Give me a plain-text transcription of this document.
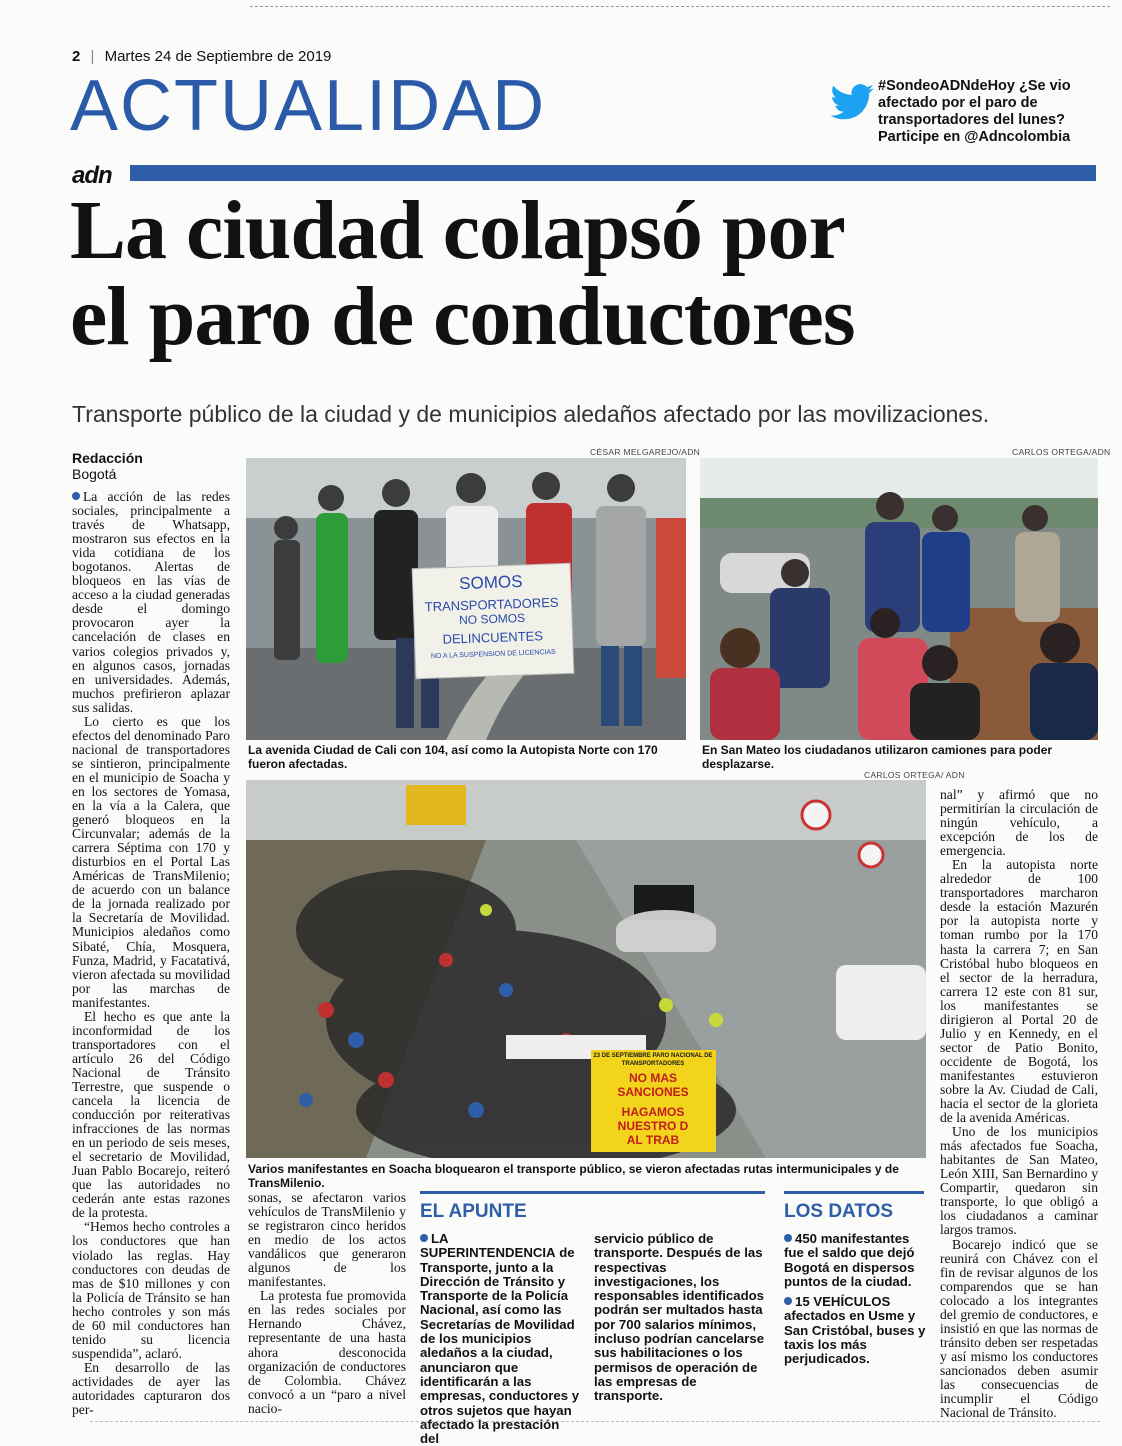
2 | Martes 24 de Septiembre de 2019
ACTUALIDAD	#SondeoADNdeHoy ¿Se vio afectado por el paro de transportadores del lunes? Participe en @Adncolombia
adn
La ciudad colapsó por
el paro de conductores
Transporte público de la ciudad y de municipios aledaños afectado por las movilizaciones.
Redacción
Bogotá

La acción de las redes sociales, principalmente a través de Whatsapp, mostraron sus efectos en la vida cotidiana de los bogotanos. Alertas de bloqueos en las vías de acceso a la ciudad generadas desde el domingo provocaron ayer la cancelación de clases en varios colegios privados y, en algunos casos, jornadas en universidades. Además, muchos prefirieron aplazar sus salidas.

Lo cierto es que los efectos del denominado Paro nacional de transportadores se sintieron, principalmente en el municipio de Soacha y en los sectores de Yomasa, en la vía a la Calera, que generó bloqueos en la Circunvalar; además de la carrera Séptima con 170 y disturbios en el Portal Las Américas de TransMilenio; de acuerdo con un balance de la jornada realizado por la Secretaría de Movilidad. Municipios aledaños como Sibaté, Chía, Mosquera, Funza, Madrid, y Facatativá, vieron afectada su movilidad por las marchas de manifestantes.

El hecho es que ante la inconformidad de los transportadores con el artículo 26 del Código Nacional de Tránsito Terrestre, que suspende o cancela la licencia de conducción por reiterativas infracciones de las normas en un periodo de seis meses, el secretario de Movilidad, Juan Pablo Bocarejo, reiteró que las autoridades no cederán ante estas razones de la protesta.

“Hemos hecho controles a los conductores que han violado las reglas. Hay conductores con deudas de mas de $10 millones y con la Policía de Tránsito se han hecho controles y son más de 60 mil conductores han tenido su licencia suspendida”, aclaró.

En desarrollo de las actividades de ayer las autoridades capturaron dos per-

sonas, se afectaron varios vehículos de TransMilenio y se registraron cinco heridos en medio de los actos vandálicos que generaron algunos de los manifestantes.

La protesta fue promovida en las redes sociales por Hernando Chávez, representante de una hasta ahora desconocida organización de conductores de Colombia. Chávez convocó a un “paro a nivel nacio-

nal” y afirmó que no permitirían la circulación de ningún vehículo, a excepción de los de emergencia.

En la autopista norte alrededor de 100 transportadores marcharon desde la estación Mazurén por la autopista norte y toman rumbo por la 170 hasta la carrera 7; en San Cristóbal hubo bloqueos en el sector de la herradura, carrera 12 este con 81 sur, los manifestantes se dirigieron al Portal 20 de Julio y en Kennedy, en el sector de Patio Bonito, occidente de Bogotá, los manifestantes estuvieron sobre la Av. Ciudad de Cali, hacia el sector de la glorieta de la avenida Américas.

Uno de los municipios más afectados fue Soacha, habitantes de San Mateo, León XIII, San Bernardino y Compartir, quedaron sin transporte, lo que obligó a los ciudadanos a caminar largos tramos.

Bocarejo indicó que se reunirá con Chávez con el fin de revisar algunos de los comparendos que se han colocado a los integrantes del gremio de conductores, e insistió en que las normas de tránsito deben ser respetadas y así mismo los conductores sancionados deben asumir las consecuencias de incumplir el Código Nacional de Tránsito.

CÉSAR MELGAREJO/ADN
SOMOS
TRANSPORTADORES
NO SOMOS
DELINCUENTES
NO A LA SUSPENSION DE LICENCIAS
La avenida Ciudad de Cali con 104, así como la Autopista Norte con 170 fueron afectadas.
CARLOS ORTEGA/ADN
En San Mateo los ciudadanos utilizaron camiones para poder desplazarse.
CARLOS ORTEGA/ ADN
23 DE SEPTIEMBRE PARO NACIONAL DE TRANSPORTADORES
NO MAS SANCIONES
HAGAMOS
NUESTRO D
AL TRAB
Varios manifestantes en Soacha bloquearon el transporte público, se vieron afectadas rutas intermunicipales y de TransMilenio.
EL APUNTE
LA SUPERINTENDENCIA de Transporte, junto a la Dirección de Tránsito y Transporte de la Policía Nacional, así como las Secretarías de Movilidad de los municipios aledaños a la ciudad, anunciaron que identificarán a las empresas, conductores y otros sujetos que hayan afectado la prestación del
servicio público de transporte. Después de las respectivas investigaciones, los responsables identificados podrán ser multados hasta por 700 salarios mínimos, incluso podrían cancelarse sus habilitaciones o los permisos de operación de las empresas de transporte.
LOS DATOS
450 manifestantes fue el saldo que dejó Bogotá en dispersos puntos de la ciudad.
15 VEHÍCULOS afectados en Usme y San Cristóbal, buses y taxis los más perjudicados.
